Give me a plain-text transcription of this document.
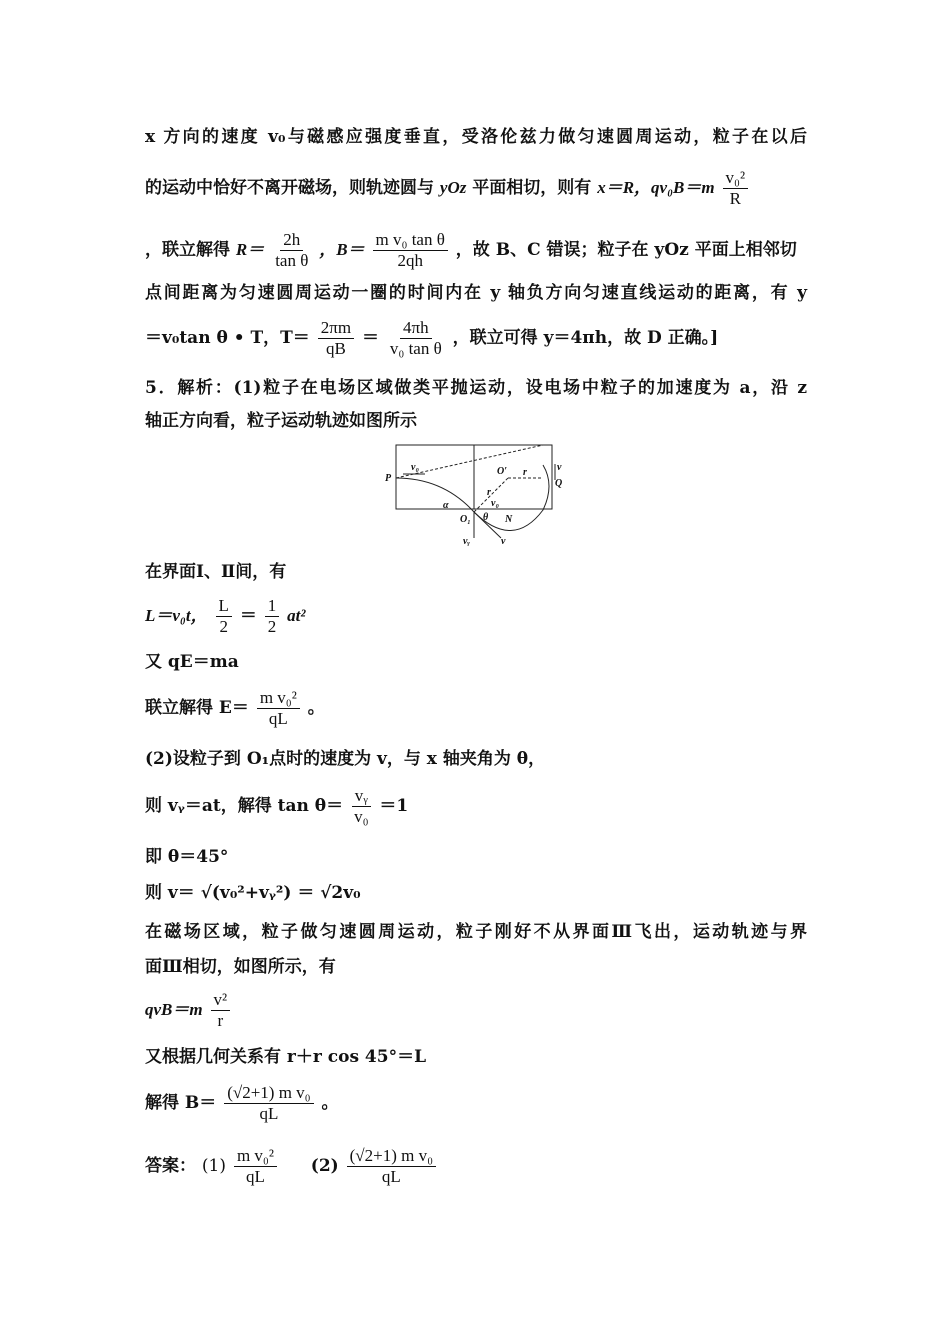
x 方向的速度 v₀与磁感应强度垂直，受洛伦兹力做匀速圆周运动，粒子在以后
的运动中恰好不离开磁场，则轨迹圆与 yOz 平面相切，则有 x＝R，$qv_0B=m \frac{\text{v₀²}}{R}$
，联立解得 $R= \frac{2h}{\text{tan θ}}$ ，$B= \frac{\text{m v₀ tan θ}}{2qh}$ ，故 B、C 错误；粒子在 yOz 平面上相邻切
点间距离为匀速圆周运动一圈的时间内在 y 轴负方向匀速直线运动的距离，有 y
＝v₀tan θ • T，$T= \frac{2\pi m}{qB} = \frac{4\pi h}{\text{v₀ tan θ}}$ ，联立可得 y＝4πh，故 D 正确。]
5．解析：(1)粒子在电场区域做类平抛运动，设电场中粒子的加速度为 a，沿 z
轴正方向看，粒子运动轨迹如图所示
P
v₀	O′ r
r
v
Q
α
O₁ θ
v₀
N
vᵧ	v
在界面Ⅰ、Ⅱ间，有
L＝v₀t， $\frac{L}{2} = \frac{1}{2} at^2$
又 qE＝ma
联立解得 $E= \frac{\text{m v₀²}}{qL}$ 。
(2)设粒子到 O₁点时的速度为 v，与 x 轴夹角为 θ，
则 vᵧ＝at，解得 $\tan \theta= \frac{\text{vᵧ}}{\text{v₀}} =1$
即 θ＝45°
则 v＝ √(v₀²+vᵧ²) ＝ √2v₀
在磁场区域，粒子做匀速圆周运动，粒子刚好不从界面Ⅲ飞出，运动轨迹与界
面Ⅲ相切，如图所示，有
$qvB=m \frac{\text{v²}}{r}$
又根据几何关系有 r＋r cos 45°＝L
解得 $B= \frac{\text{(√2+1) m v₀}}{qL}$ 。
答案： $(1) \frac{\text{m v₀²}}{qL} (2) \frac{\text{(√2+1) m v₀}}{qL}$
